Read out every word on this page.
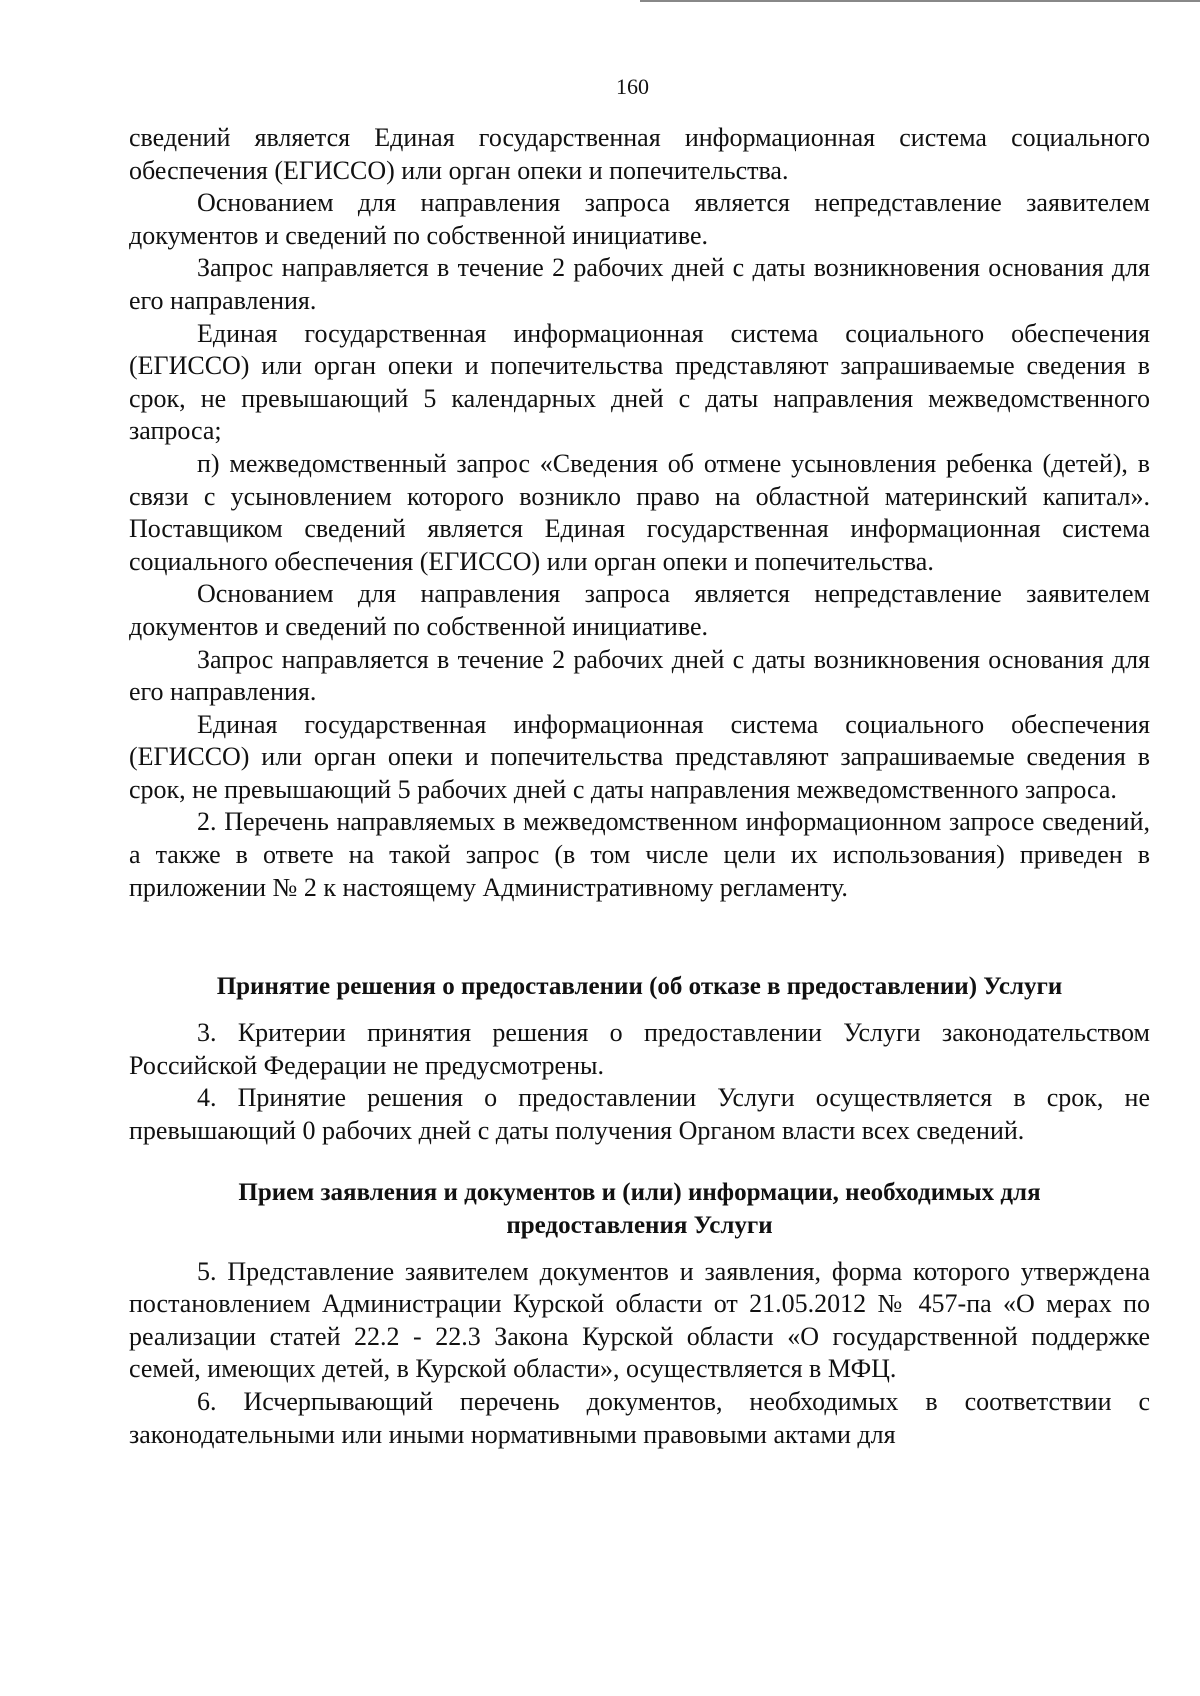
160

сведений является Единая государственная информационная система социального обеспечения (ЕГИССО) или орган опеки и попечительства.

Основанием для направления запроса является непредставление заявителем документов и сведений по собственной инициативе.

Запрос направляется в течение 2 рабочих дней с даты возникновения основания для его направления.

Единая государственная информационная система социального обеспечения (ЕГИССО) или орган опеки и попечительства представляют запрашиваемые сведения в срок, не превышающий 5 календарных дней с даты направления межведомственного запроса;

п) межведомственный запрос «Сведения об отмене усыновления ребенка (детей), в связи с усыновлением которого возникло право на областной материнский капитал». Поставщиком сведений является Единая государственная информационная система социального обеспечения (ЕГИССО) или орган опеки и попечительства.

Основанием для направления запроса является непредставление заявителем документов и сведений по собственной инициативе.

Запрос направляется в течение 2 рабочих дней с даты возникновения основания для его направления.

Единая государственная информационная система социального обеспечения (ЕГИССО) или орган опеки и попечительства представляют запрашиваемые сведения в срок, не превышающий 5 рабочих дней с даты направления межведомственного запроса.

2. Перечень направляемых в межведомственном информационном запросе сведений, а также в ответе на такой запрос (в том числе цели их использования) приведен в приложении № 2 к настоящему Административному регламенту.

Принятие решения о предоставлении (об отказе в предоставлении) Услуги

3. Критерии принятия решения о предоставлении Услуги законодательством Российской Федерации не предусмотрены.

4. Принятие решения о предоставлении Услуги осуществляется в срок, не превышающий 0 рабочих дней с даты получения Органом власти всех сведений.

Прием заявления и документов и (или) информации, необходимых для
предоставления Услуги

5. Представление заявителем документов и заявления, форма которого утверждена постановлением Администрации Курской области от 21.05.2012 № 457-па «О мерах по реализации статей 22.2 - 22.3 Закона Курской области «О государственной поддержке семей, имеющих детей, в Курской области», осуществляется в МФЦ.

6. Исчерпывающий перечень документов, необходимых в соответствии с законодательными или иными нормативными правовыми актами для
